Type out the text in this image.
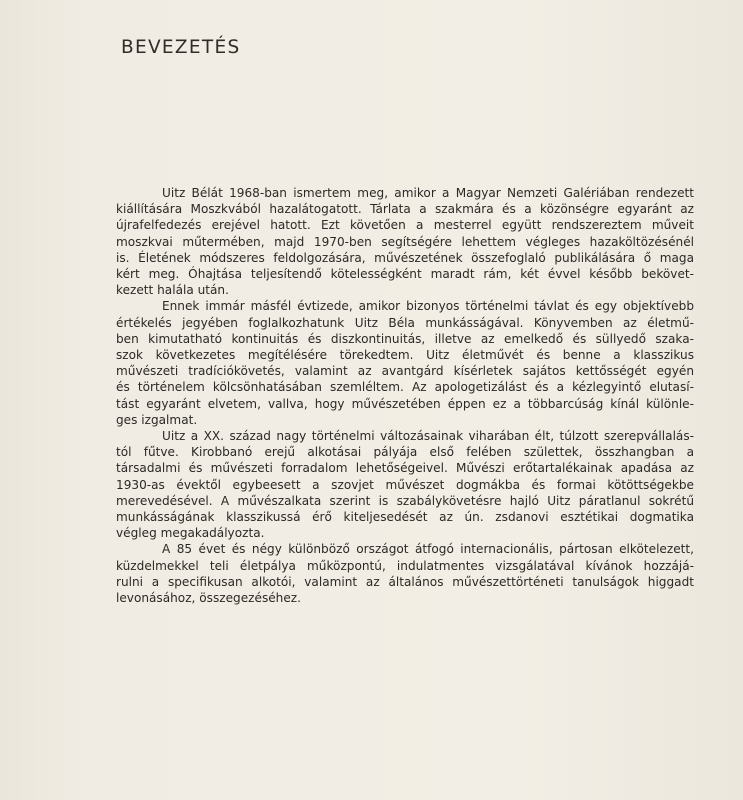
BEVEZETÉS
Uitz Bélát 1968-ban ismertem meg, amikor a Magyar Nemzeti Galériában rendezett
kiállítására Moszkvából hazalátogatott. Tárlata a szakmára és a közönségre egyaránt az
újrafelfedezés erejével hatott. Ezt követően a mesterrel együtt rendszereztem műveit
moszkvai műtermében, majd 1970-ben segítségére lehettem végleges hazaköltözésénél
is. Életének módszeres feldolgozására, művészetének összefoglaló publikálására ő maga
kért meg. Óhajtása teljesítendő kötelességként maradt rám, két évvel később bekövet-
kezett halála után.
Ennek immár másfél évtizede, amikor bizonyos történelmi távlat és egy objektívebb
értékelés jegyében foglalkozhatunk Uitz Béla munkásságával. Könyvemben az életmű-
ben kimutatható kontinuitás és diszkontinuitás, illetve az emelkedő és süllyedő szaka-
szok következetes megítélésére törekedtem. Uitz életművét és benne a klasszikus
művészeti tradíciókövetés, valamint az avantgárd kísérletek sajátos kettősségét egyén
és történelem kölcsönhatásában szemléltem. Az apologetizálást és a kézlegyintő elutasí-
tást egyaránt elvetem, vallva, hogy művészetében éppen ez a többarcúság kínál különle-
ges izgalmat.
Uitz a XX. század nagy történelmi változásainak viharában élt, túlzott szerepvállalás-
tól fűtve. Kirobbanó erejű alkotásai pályája első felében születtek, összhangban a
társadalmi és művészeti forradalom lehetőségeivel. Művészi erőtartalékainak apadása az
1930-as évektől egybeesett a szovjet művészet dogmákba és formai kötöttségekbe
merevedésével. A művészalkata szerint is szabálykövetésre hajló Uitz páratlanul sokrétű
munkásságának klasszikussá érő kiteljesedését az ún. zsdanovi esztétikai dogmatika
végleg megakadályozta.
A 85 évet és négy különböző országot átfogó internacionális, pártosan elkötelezett,
küzdelmekkel teli életpálya műközpontú, indulatmentes vizsgálatával kívánok hozzájá-
rulni a specifikusan alkotói, valamint az általános művészettörténeti tanulságok higgadt
levonásához, összegezéséhez.
